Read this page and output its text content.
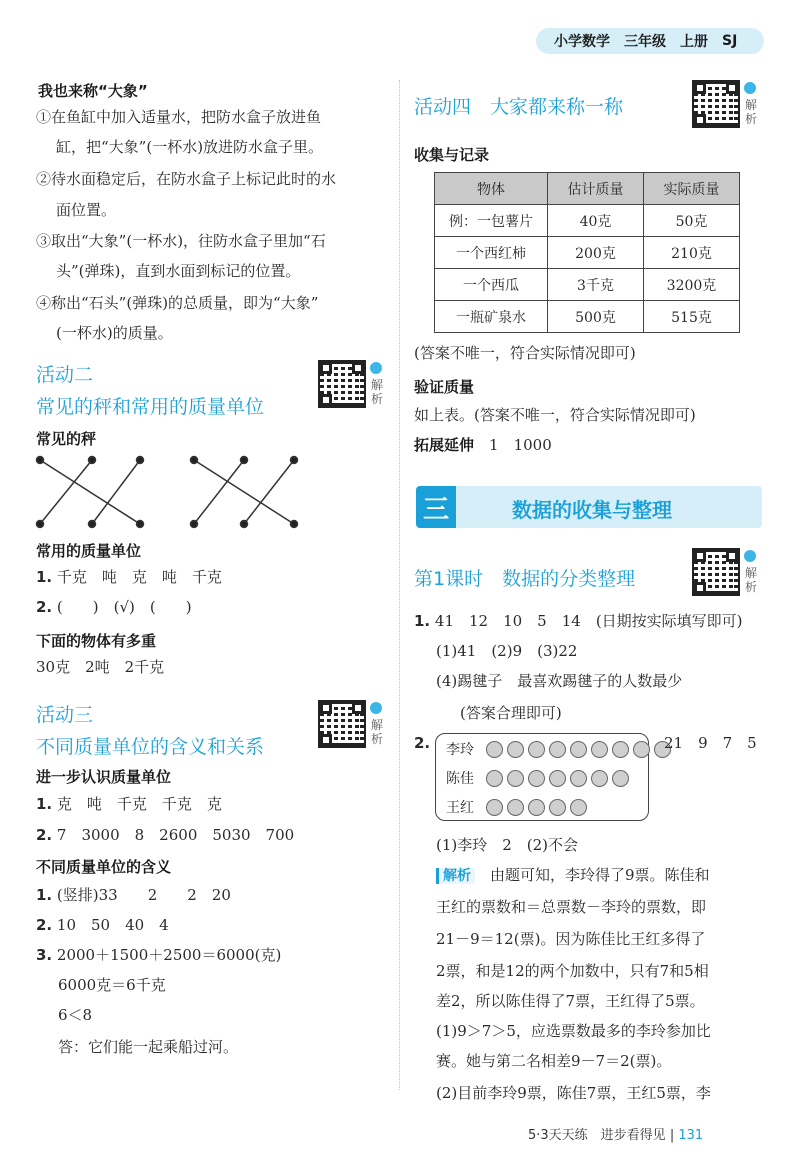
小学数学 三年级 上册 SJ
我也来称“大象”
①在鱼缸中加入适量水，把防水盒子放进鱼
缸，把“大象”(一杯水)放进防水盒子里。
②待水面稳定后，在防水盒子上标记此时的水
面位置。
③取出“大象”(一杯水)，往防水盒子里加“石
头”(弹珠)，直到水面到标记的位置。
④称出“石头”(弹珠)的总质量，即为“大象”
(一杯水)的质量。
活动二
常见的秤和常用的质量单位
解析
常见的秤
常用的质量单位
1. 千克　吨　克　吨　千克
2. (　　)　(√)　(　　)
下面的物体有多重
30克　2吨　2千克
活动三
不同质量单位的含义和关系
解析
进一步认识质量单位
1. 克　吨　千克　千克　克
2. 7　3000　8　2600　5030　700
不同质量单位的含义
1. (竖排)33　　2　　2　20
2. 10　50　40　4
3. 2000＋1500＋2500＝6000(克)
6000克＝6千克
6＜8
答：它们能一起乘船过河。
活动四　 大家都来称一称	解析
收集与记录
物体	估计质量	实际质量
例：一包薯片	40克	50克
一个西红柿	200克	210克
一个西瓜	3千克	3200克
一瓶矿泉水	500克	515克
(答案不唯一，符合实际情况即可)
验证质量
如上表。(答案不唯一，符合实际情况即可)
拓展延伸　 1　1000
第1课时　数据的分类整理	解析
1. 41　12　10　5　14　(日期按实际填写即可)
(1)41　(2)9　(3)22
(4)踢毽子　最喜欢踢毽子的人数最少
(答案合理即可)
2.
三	数据的收集与整理
李玲
陈佳
王红
21　9　7　5
(1)李玲　2　(2)不会
解析　 由题可知，李玲得了9票。陈佳和
王红的票数和＝总票数－李玲的票数，即
21－9＝12(票)。因为陈佳比王红多得了
2票，和是12的两个加数中，只有7和5相
差2，所以陈佳得了7票，王红得了5票。
(1)9＞7＞5，应选票数最多的李玲参加比
赛。她与第二名相差9－7＝2(票)。
(2)目前李玲9票，陈佳7票，王红5票，李
5·3天天练　进步看得见 | 131
